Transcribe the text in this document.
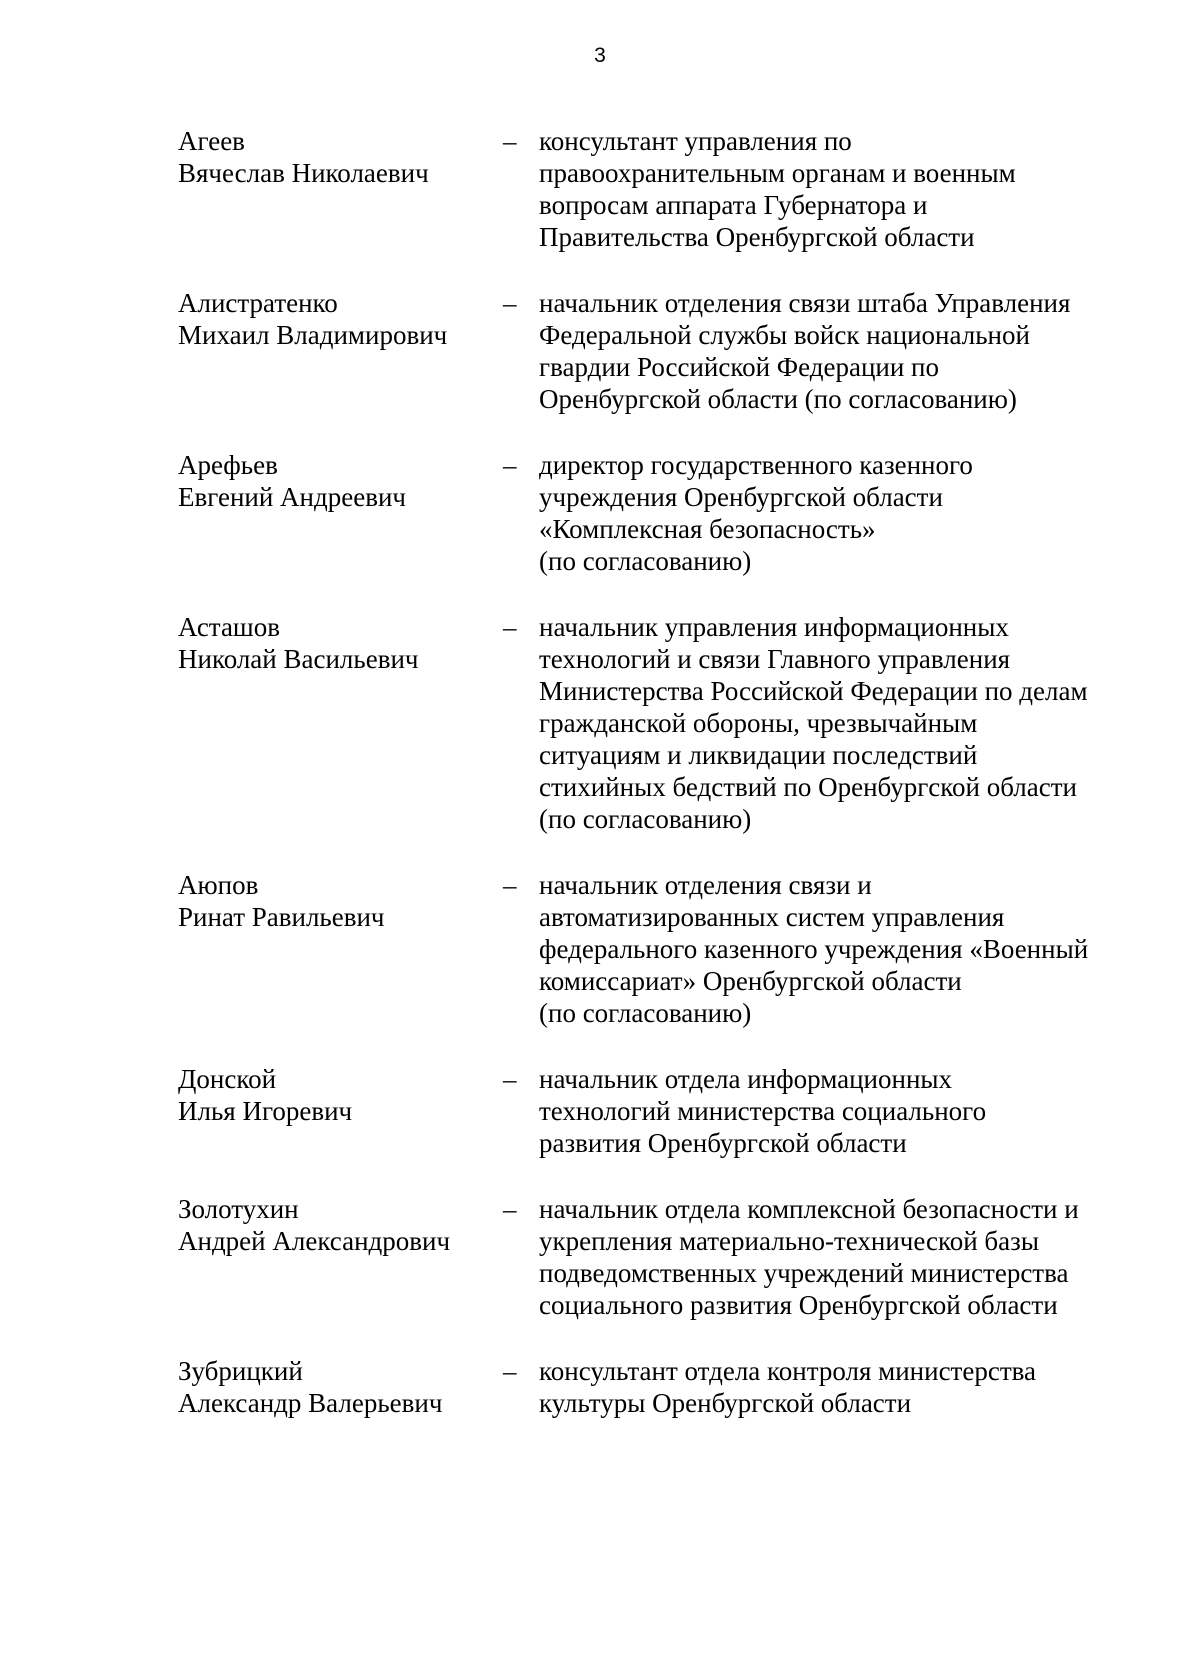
3
Агеев
Вячеслав Николаевич
– консультант управления по
правоохранительным органам и военным
вопросам аппарата Губернатора и
Правительства Оренбургской области
Алистратенко
Михаил Владимирович
– начальник отделения связи штаба Управления
Федеральной службы войск национальной
гвардии Российской Федерации по
Оренбургской области (по согласованию)
Арефьев
Евгений Андреевич
– директор государственного казенного
учреждения Оренбургской области
«Комплексная безопасность»
(по согласованию)
Асташов
Николай Васильевич
– начальник управления информационных
технологий и связи Главного управления
Министерства Российской Федерации по делам
гражданской обороны, чрезвычайным
ситуациям и ликвидации последствий
стихийных бедствий по Оренбургской области
(по согласованию)
Аюпов
Ринат Равильевич
– начальник отделения связи и
автоматизированных систем управления
федерального казенного учреждения «Военный
комиссариат» Оренбургской области
(по согласованию)
Донской
Илья Игоревич
– начальник отдела информационных
технологий министерства социального
развития Оренбургской области
Золотухин
Андрей Александрович
– начальник отдела комплексной безопасности и
укрепления материально-технической базы
подведомственных учреждений министерства
социального развития Оренбургской области
Зубрицкий
Александр Валерьевич
– консультант отдела контроля министерства
культуры Оренбургской области
